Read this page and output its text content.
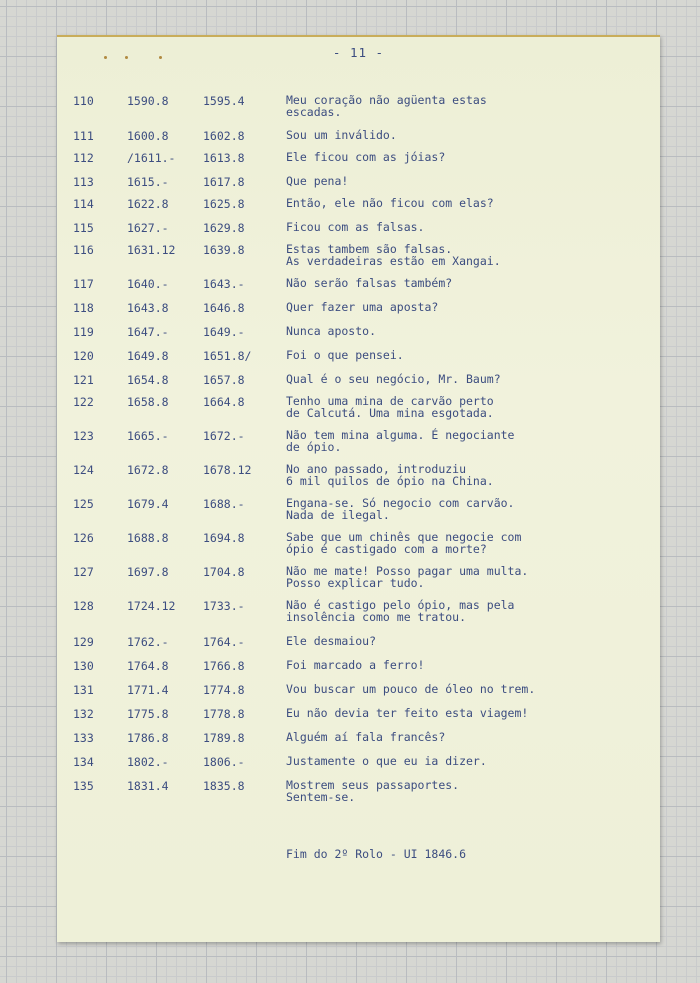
- 11 -
110	1590.8	1595.4	Meu coração não agüenta estas
escadas.
111	1600.8	1602.8	Sou um inválido.
112	/1611.- 1613.8	Ele ficou com as jóias?
113	1615.-	1617.8	Que pena!
114	1622.8	1625.8	Então, ele não ficou com elas?
115	1627.-	1629.8	Ficou com as falsas.
116	1631.12 1639.8	Estas tambem são falsas.
As verdadeiras estão em Xangai.
117	1640.-	1643.-	Não serão falsas também?
118	1643.8	1646.8	Quer fazer uma aposta?
119	1647.-	1649.-	Nunca aposto.
120	1649.8	1651.8/	Foi o que pensei.
121	1654.8	1657.8	Qual é o seu negócio, Mr. Baum?
122	1658.8	1664.8	Tenho uma mina de carvão perto
de Calcutá. Uma mina esgotada.
123	1665.-	1672.-	Não tem mina alguma. É negociante
de ópio.
124	1672.8	1678.12	No ano passado, introduziu
6 mil quilos de ópio na China.
125	1679.4	1688.-	Engana-se. Só negocio com carvão.
Nada de ilegal.
126	1688.8	1694.8	Sabe que um chinês que negocie com
ópio é castigado com a morte?
127	1697.8	1704.8	Não me mate! Posso pagar uma multa.
Posso explicar tudo.
128	1724.12 1733.-	Não é castigo pelo ópio, mas pela
insolência como me tratou.
129	1762.-	1764.-	Ele desmaiou?
130	1764.8	1766.8	Foi marcado a ferro!
131	1771.4	1774.8	Vou buscar um pouco de óleo no trem.
132	1775.8	1778.8	Eu não devia ter feito esta viagem!
133	1786.8	1789.8	Alguém aí fala francês?
134	1802.-	1806.-	Justamente o que eu ia dizer.
135	1831.4	1835.8	Mostrem seus passaportes.
Sentem-se.
Fim do 2º Rolo - UI 1846.6
